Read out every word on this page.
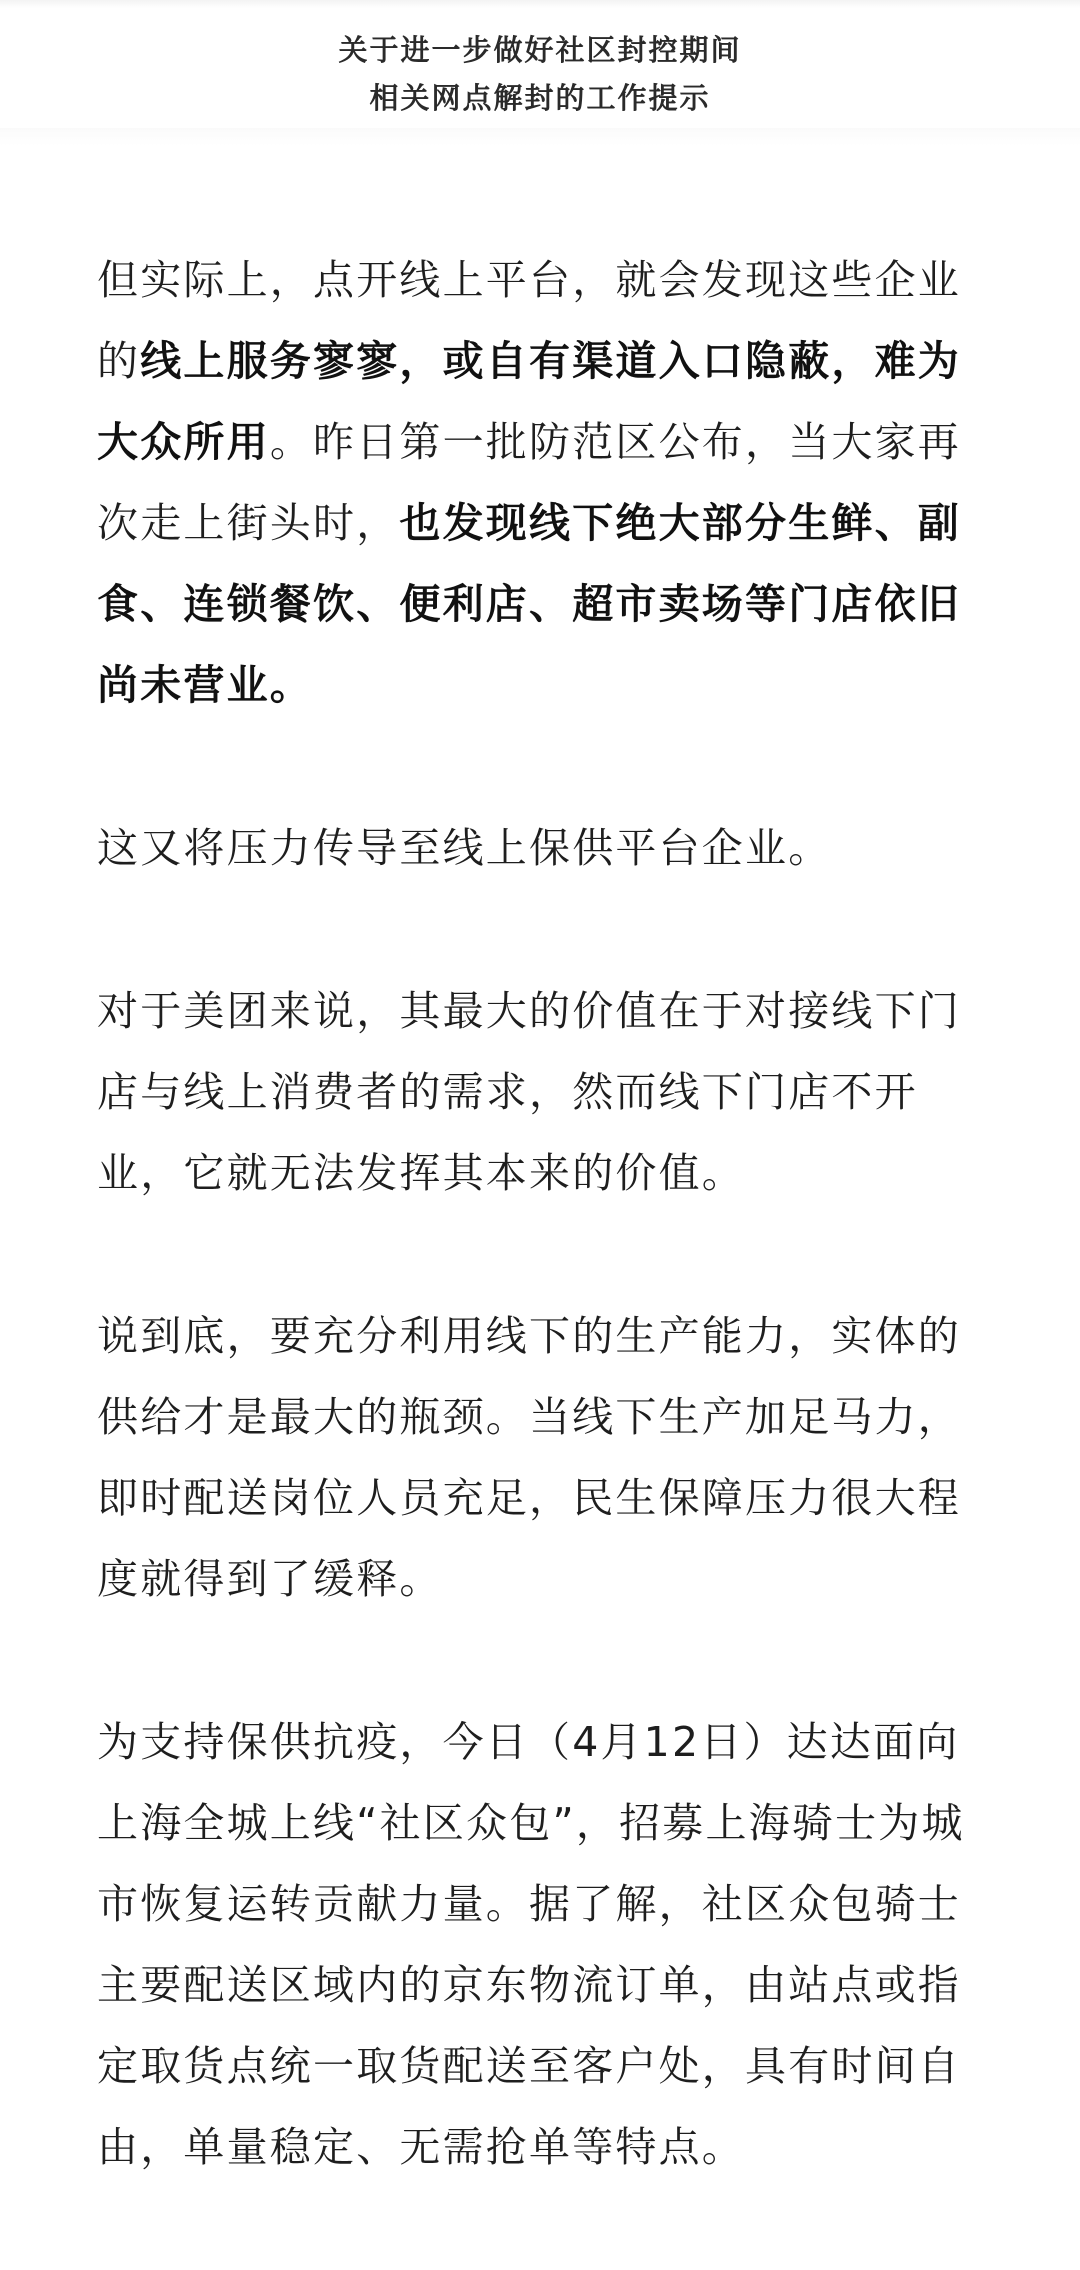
关于进一步做好社区封控期间
相关网点解封的工作提示

但实际上，点开线上平台，就会发现这些企业的线上服务寥寥，或自有渠道入口隐蔽，难为大众所用。昨日第一批防范区公布，当大家再次走上街头时，也发现线下绝大部分生鲜、副食、连锁餐饮、便利店、超市卖场等门店依旧尚未营业。

这又将压力传导至线上保供平台企业。

对于美团来说，其最大的价值在于对接线下门店与线上消费者的需求，然而线下门店不开业，它就无法发挥其本来的价值。

说到底，要充分利用线下的生产能力，实体的供给才是最大的瓶颈。当线下生产加足马力，即时配送岗位人员充足，民生保障压力很大程度就得到了缓释。

为支持保供抗疫，今日（4月12日）达达面向上海全城上线“社区众包”，招募上海骑士为城市恢复运转贡献力量。据了解，社区众包骑士主要配送区域内的京东物流订单，由站点或指定取货点统一取货配送至客户处，具有时间自由，单量稳定、无需抢单等特点。
